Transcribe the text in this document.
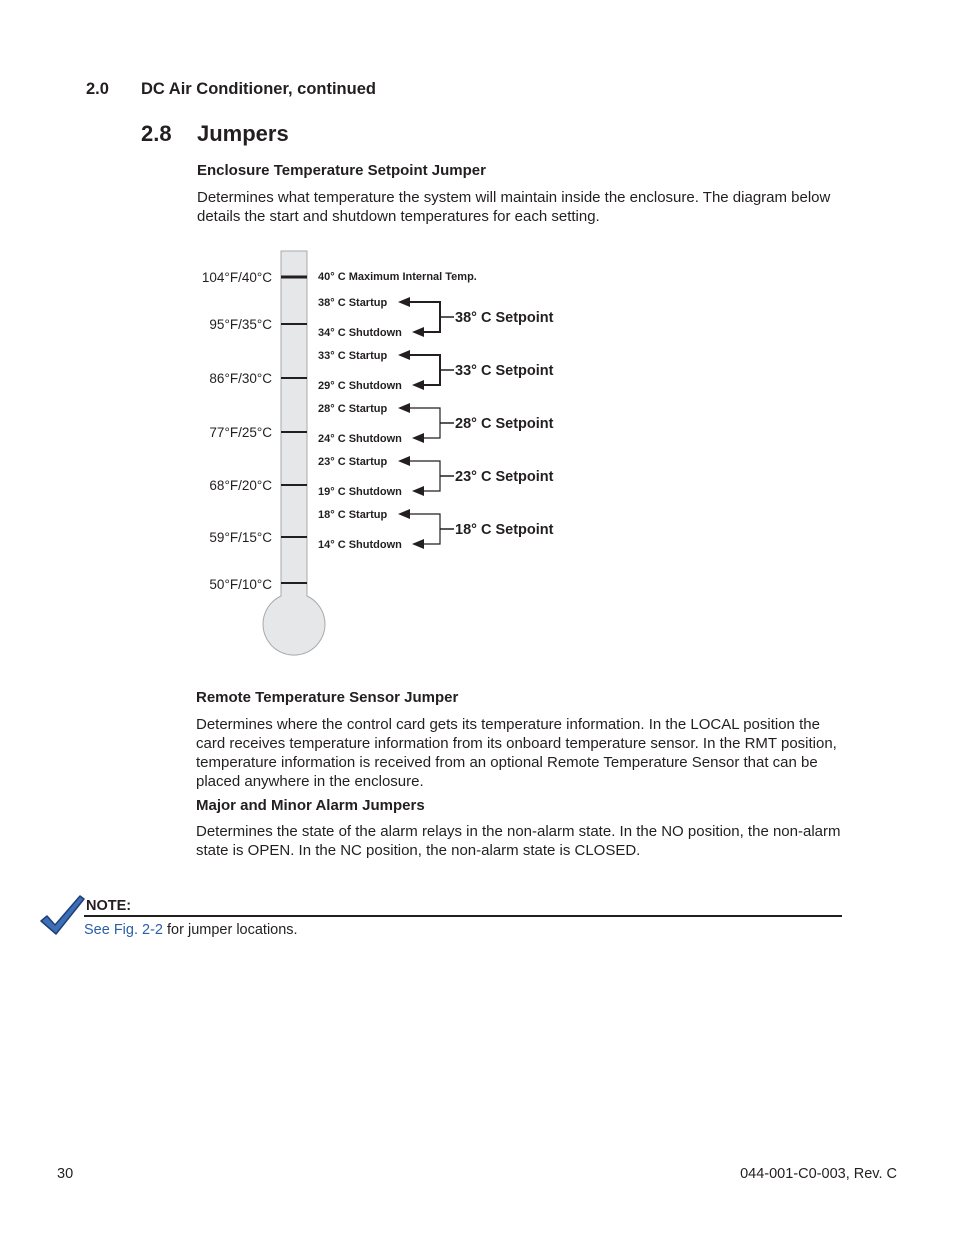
2.0 DC Air Conditioner, continued
2.8 Jumpers
Enclosure Temperature Setpoint Jumper
Determines what temperature the system will maintain inside the enclosure. The diagram below details the start and shutdown temperatures for each setting.
104°F/40°C
95°F/35°C
86°F/30°C
77°F/25°C
68°F/20°C
59°F/15°C
50°F/10°C
40° C Maximum Internal Temp.
38° C Startup
34° C Shutdown
38° C Setpoint
33° C Startup
29° C Shutdown
33° C Setpoint
28° C Startup
24° C Shutdown
28° C Setpoint
23° C Startup
19° C Shutdown
23° C Setpoint
18° C Startup
14° C Shutdown
18° C Setpoint
Remote Temperature Sensor Jumper
Determines where the control card gets its temperature information. In the LOCAL position the card receives temperature information from its onboard temperature sensor. In the RMT position, temperature information is received from an optional Remote Temperature Sensor that can be placed anywhere in the enclosure.
Major and Minor Alarm Jumpers
Determines the state of the alarm relays in the non-alarm state. In the NO position, the non-alarm state is OPEN. In the NC position, the non-alarm state is CLOSED.
NOTE:
See Fig. 2-2 for jumper locations.
30	044-001-C0-003, Rev. C
